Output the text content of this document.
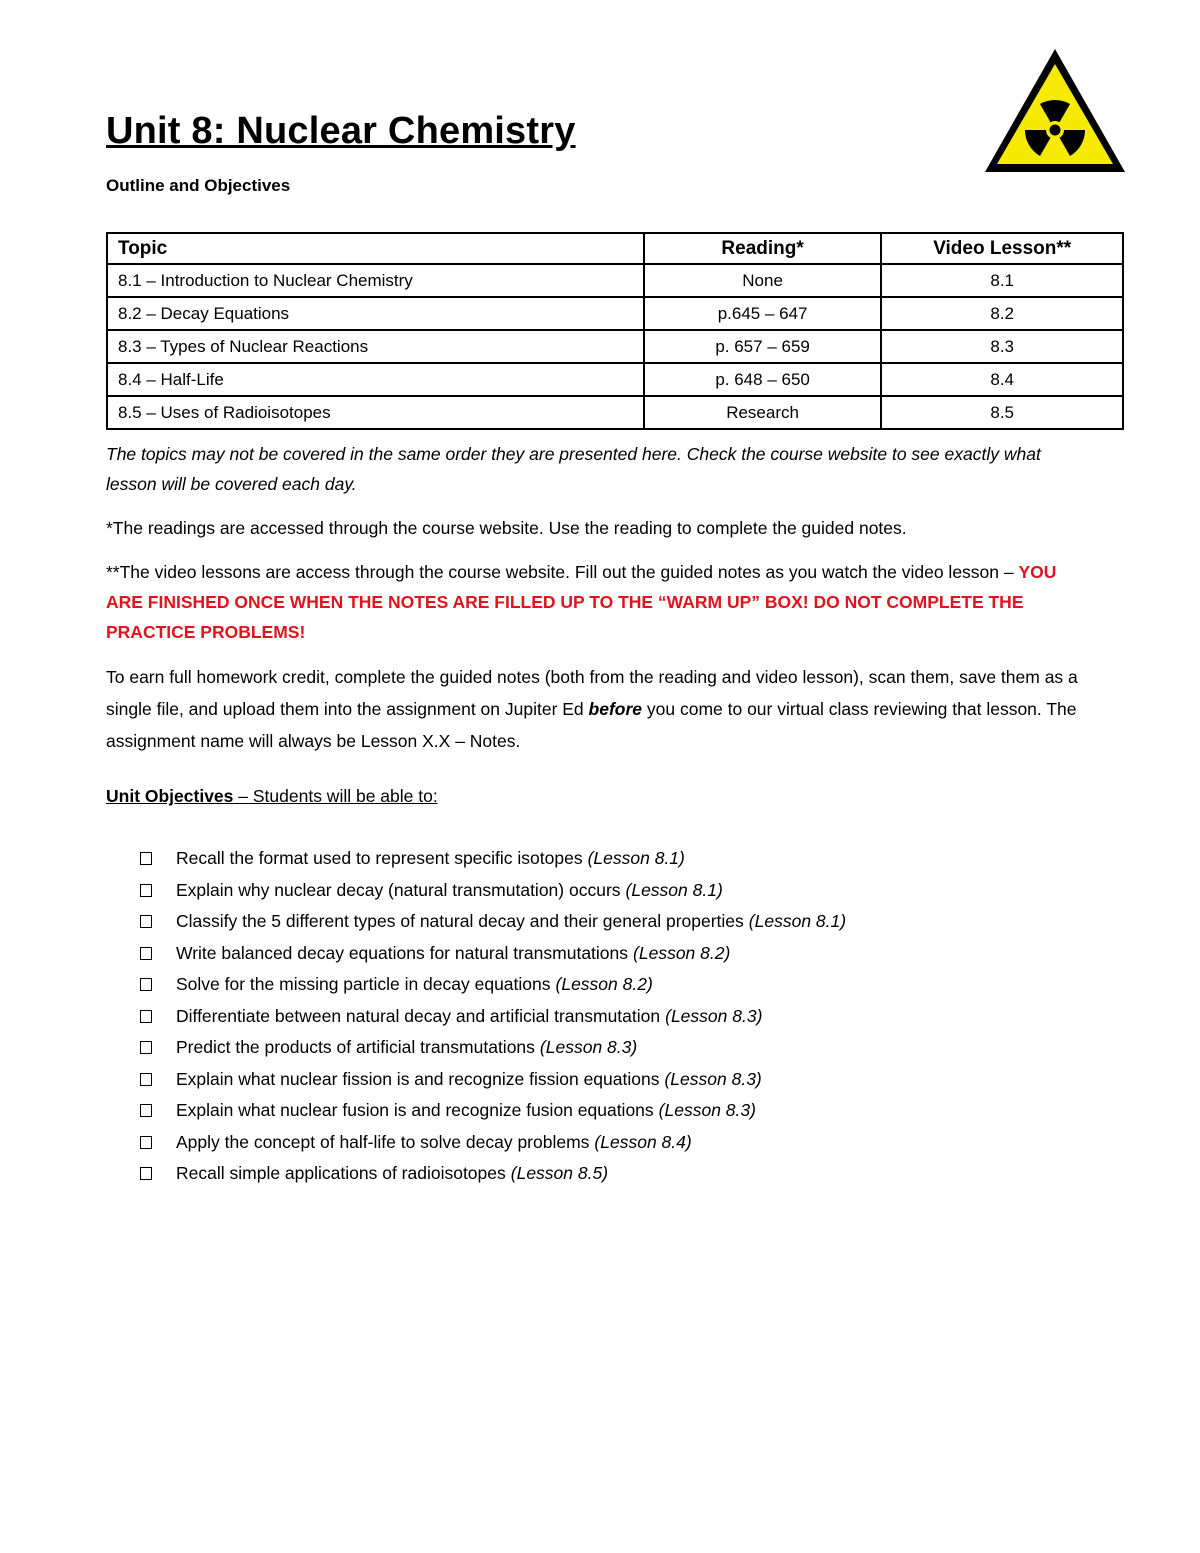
Unit 8: Nuclear Chemistry

Outline and Objectives

Topic	Reading*	Video Lesson**
8.1 – Introduction to Nuclear Chemistry	None	8.1
8.2 – Decay Equations	p.645 – 647	8.2
8.3 – Types of Nuclear Reactions	p. 657 – 659	8.3
8.4 – Half-Life	p. 648 – 650	8.4
8.5 – Uses of Radioisotopes	Research	8.5

The topics may not be covered in the same order they are presented here. Check the course website to see exactly what lesson will be covered each day.

*The readings are accessed through the course website. Use the reading to complete the guided notes.

**The video lessons are access through the course website. Fill out the guided notes as you watch the video lesson – YOU ARE FINISHED ONCE WHEN THE NOTES ARE FILLED UP TO THE “WARM UP” BOX! DO NOT COMPLETE THE PRACTICE PROBLEMS!

To earn full homework credit, complete the guided notes (both from the reading and video lesson), scan them, save them as a single file, and upload them into the assignment on Jupiter Ed before you come to our virtual class reviewing that lesson. The assignment name will always be Lesson X.X – Notes.

Unit Objectives – Students will be able to:

Recall the format used to represent specific isotopes (Lesson 8.1)
Explain why nuclear decay (natural transmutation) occurs (Lesson 8.1)
Classify the 5 different types of natural decay and their general properties (Lesson 8.1)
Write balanced decay equations for natural transmutations (Lesson 8.2)
Solve for the missing particle in decay equations (Lesson 8.2)
Differentiate between natural decay and artificial transmutation (Lesson 8.3)
Predict the products of artificial transmutations (Lesson 8.3)
Explain what nuclear fission is and recognize fission equations (Lesson 8.3)
Explain what nuclear fusion is and recognize fusion equations (Lesson 8.3)
Apply the concept of half-life to solve decay problems (Lesson 8.4)
Recall simple applications of radioisotopes (Lesson 8.5)
